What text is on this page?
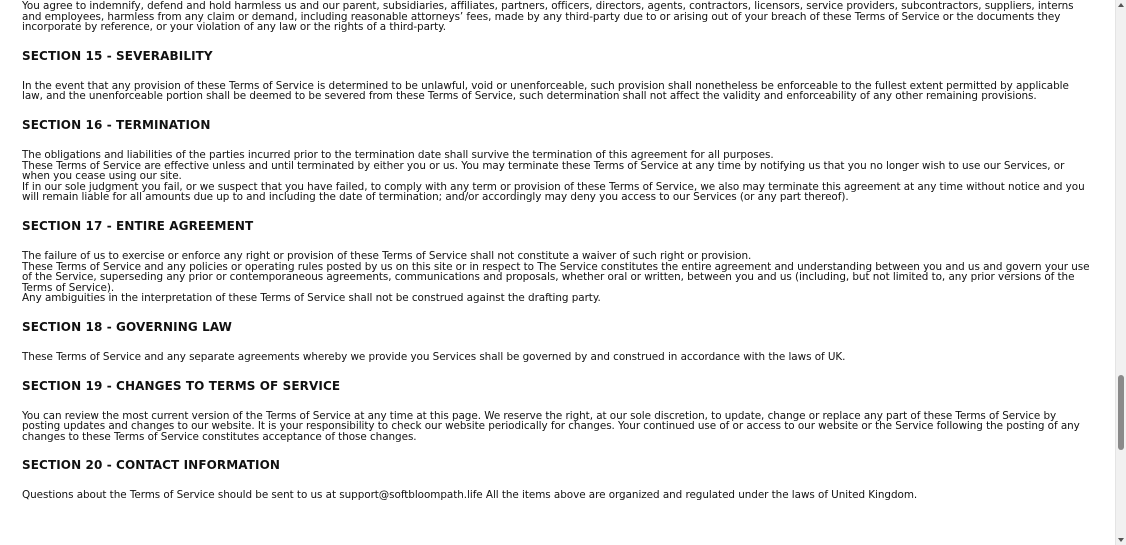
You agree to indemnify, defend and hold harmless us and our parent, subsidiaries, affiliates, partners, officers, directors, agents, contractors, licensors, service providers, subcontractors, suppliers, interns and employees, harmless from any claim or demand, including reasonable attorneys’ fees, made by any third-party due to or arising out of your breach of these Terms of Service or the documents they incorporate by reference, or your violation of any law or the rights of a third-party.

SECTION 15 - SEVERABILITY

In the event that any provision of these Terms of Service is determined to be unlawful, void or unenforceable, such provision shall nonetheless be enforceable to the fullest extent permitted by applicable law, and the unenforceable portion shall be deemed to be severed from these Terms of Service, such determination shall not affect the validity and enforceability of any other remaining provisions.

SECTION 16 - TERMINATION

The obligations and liabilities of the parties incurred prior to the termination date shall survive the termination of this agreement for all purposes.

These Terms of Service are effective unless and until terminated by either you or us. You may terminate these Terms of Service at any time by notifying us that you no longer wish to use our Services, or when you cease using our site.

If in our sole judgment you fail, or we suspect that you have failed, to comply with any term or provision of these Terms of Service, we also may terminate this agreement at any time without notice and you will remain liable for all amounts due up to and including the date of termination; and/or accordingly may deny you access to our Services (or any part thereof).

SECTION 17 - ENTIRE AGREEMENT

The failure of us to exercise or enforce any right or provision of these Terms of Service shall not constitute a waiver of such right or provision.

These Terms of Service and any policies or operating rules posted by us on this site or in respect to The Service constitutes the entire agreement and understanding between you and us and govern your use of the Service, superseding any prior or contemporaneous agreements, communications and proposals, whether oral or written, between you and us (including, but not limited to, any prior versions of the Terms of Service).

Any ambiguities in the interpretation of these Terms of Service shall not be construed against the drafting party.

SECTION 18 - GOVERNING LAW

These Terms of Service and any separate agreements whereby we provide you Services shall be governed by and construed in accordance with the laws of UK.

SECTION 19 - CHANGES TO TERMS OF SERVICE

You can review the most current version of the Terms of Service at any time at this page. We reserve the right, at our sole discretion, to update, change or replace any part of these Terms of Service by posting updates and changes to our website. It is your responsibility to check our website periodically for changes. Your continued use of or access to our website or the Service following the posting of any changes to these Terms of Service constitutes acceptance of those changes.

SECTION 20 - CONTACT INFORMATION

Questions about the Terms of Service should be sent to us at support@softbloompath.life All the items above are organized and regulated under the laws of United Kingdom.
